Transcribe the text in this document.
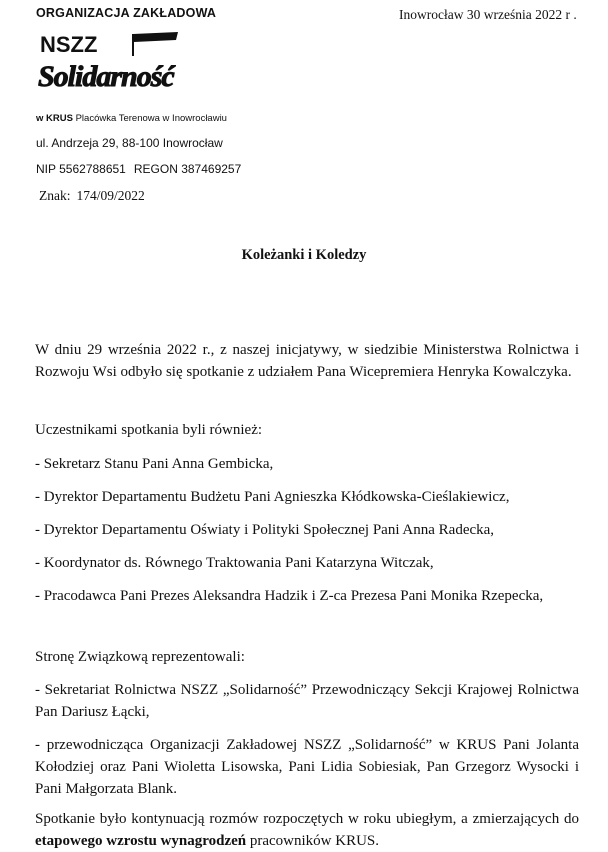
ORGANIZACJA ZAKŁADOWA	Inowrocław 30 września 2022 r .
NSZZ
Solidarność
w KRUS Placówka Terenowa w Inowrocławiu
ul. Andrzeja 29, 88-100 Inowrocław
NIP 5562788651 REGON 387469257
Znak: 174/09/2022
Koleżanki i Koledzy

W dniu 29 września 2022 r., z naszej inicjatywy, w siedzibie Ministerstwa Rolnictwa i Rozwoju Wsi odbyło się spotkanie z udziałem Pana Wicepremiera Henryka Kowalczyka.

Uczestnikami spotkania byli również:

- Sekretarz Stanu Pani Anna Gembicka,
- Dyrektor Departamentu Budżetu Pani Agnieszka Kłódkowska-Cieślakiewicz,
- Dyrektor Departamentu Oświaty i Polityki Społecznej Pani Anna Radecka,
- Koordynator ds. Równego Traktowania Pani Katarzyna Witczak,
- Pracodawca Pani Prezes Aleksandra Hadzik i Z-ca Prezesa Pani Monika Rzepecka,

Stronę Związkową reprezentowali:

- Sekretariat Rolnictwa NSZZ „Solidarność” Przewodniczący Sekcji Krajowej Rolnictwa Pan Dariusz Łącki,
- przewodnicząca Organizacji Zakładowej NSZZ „Solidarność” w KRUS Pani Jolanta Kołodziej oraz Pani Wioletta Lisowska, Pani Lidia Sobiesiak, Pan Grzegorz Wysocki i Pani Małgorzata Blank.

Spotkanie było kontynuacją rozmów rozpoczętych w roku ubiegłym, a zmierzających do etapowego wzrostu wynagrodzeń pracowników KRUS.
